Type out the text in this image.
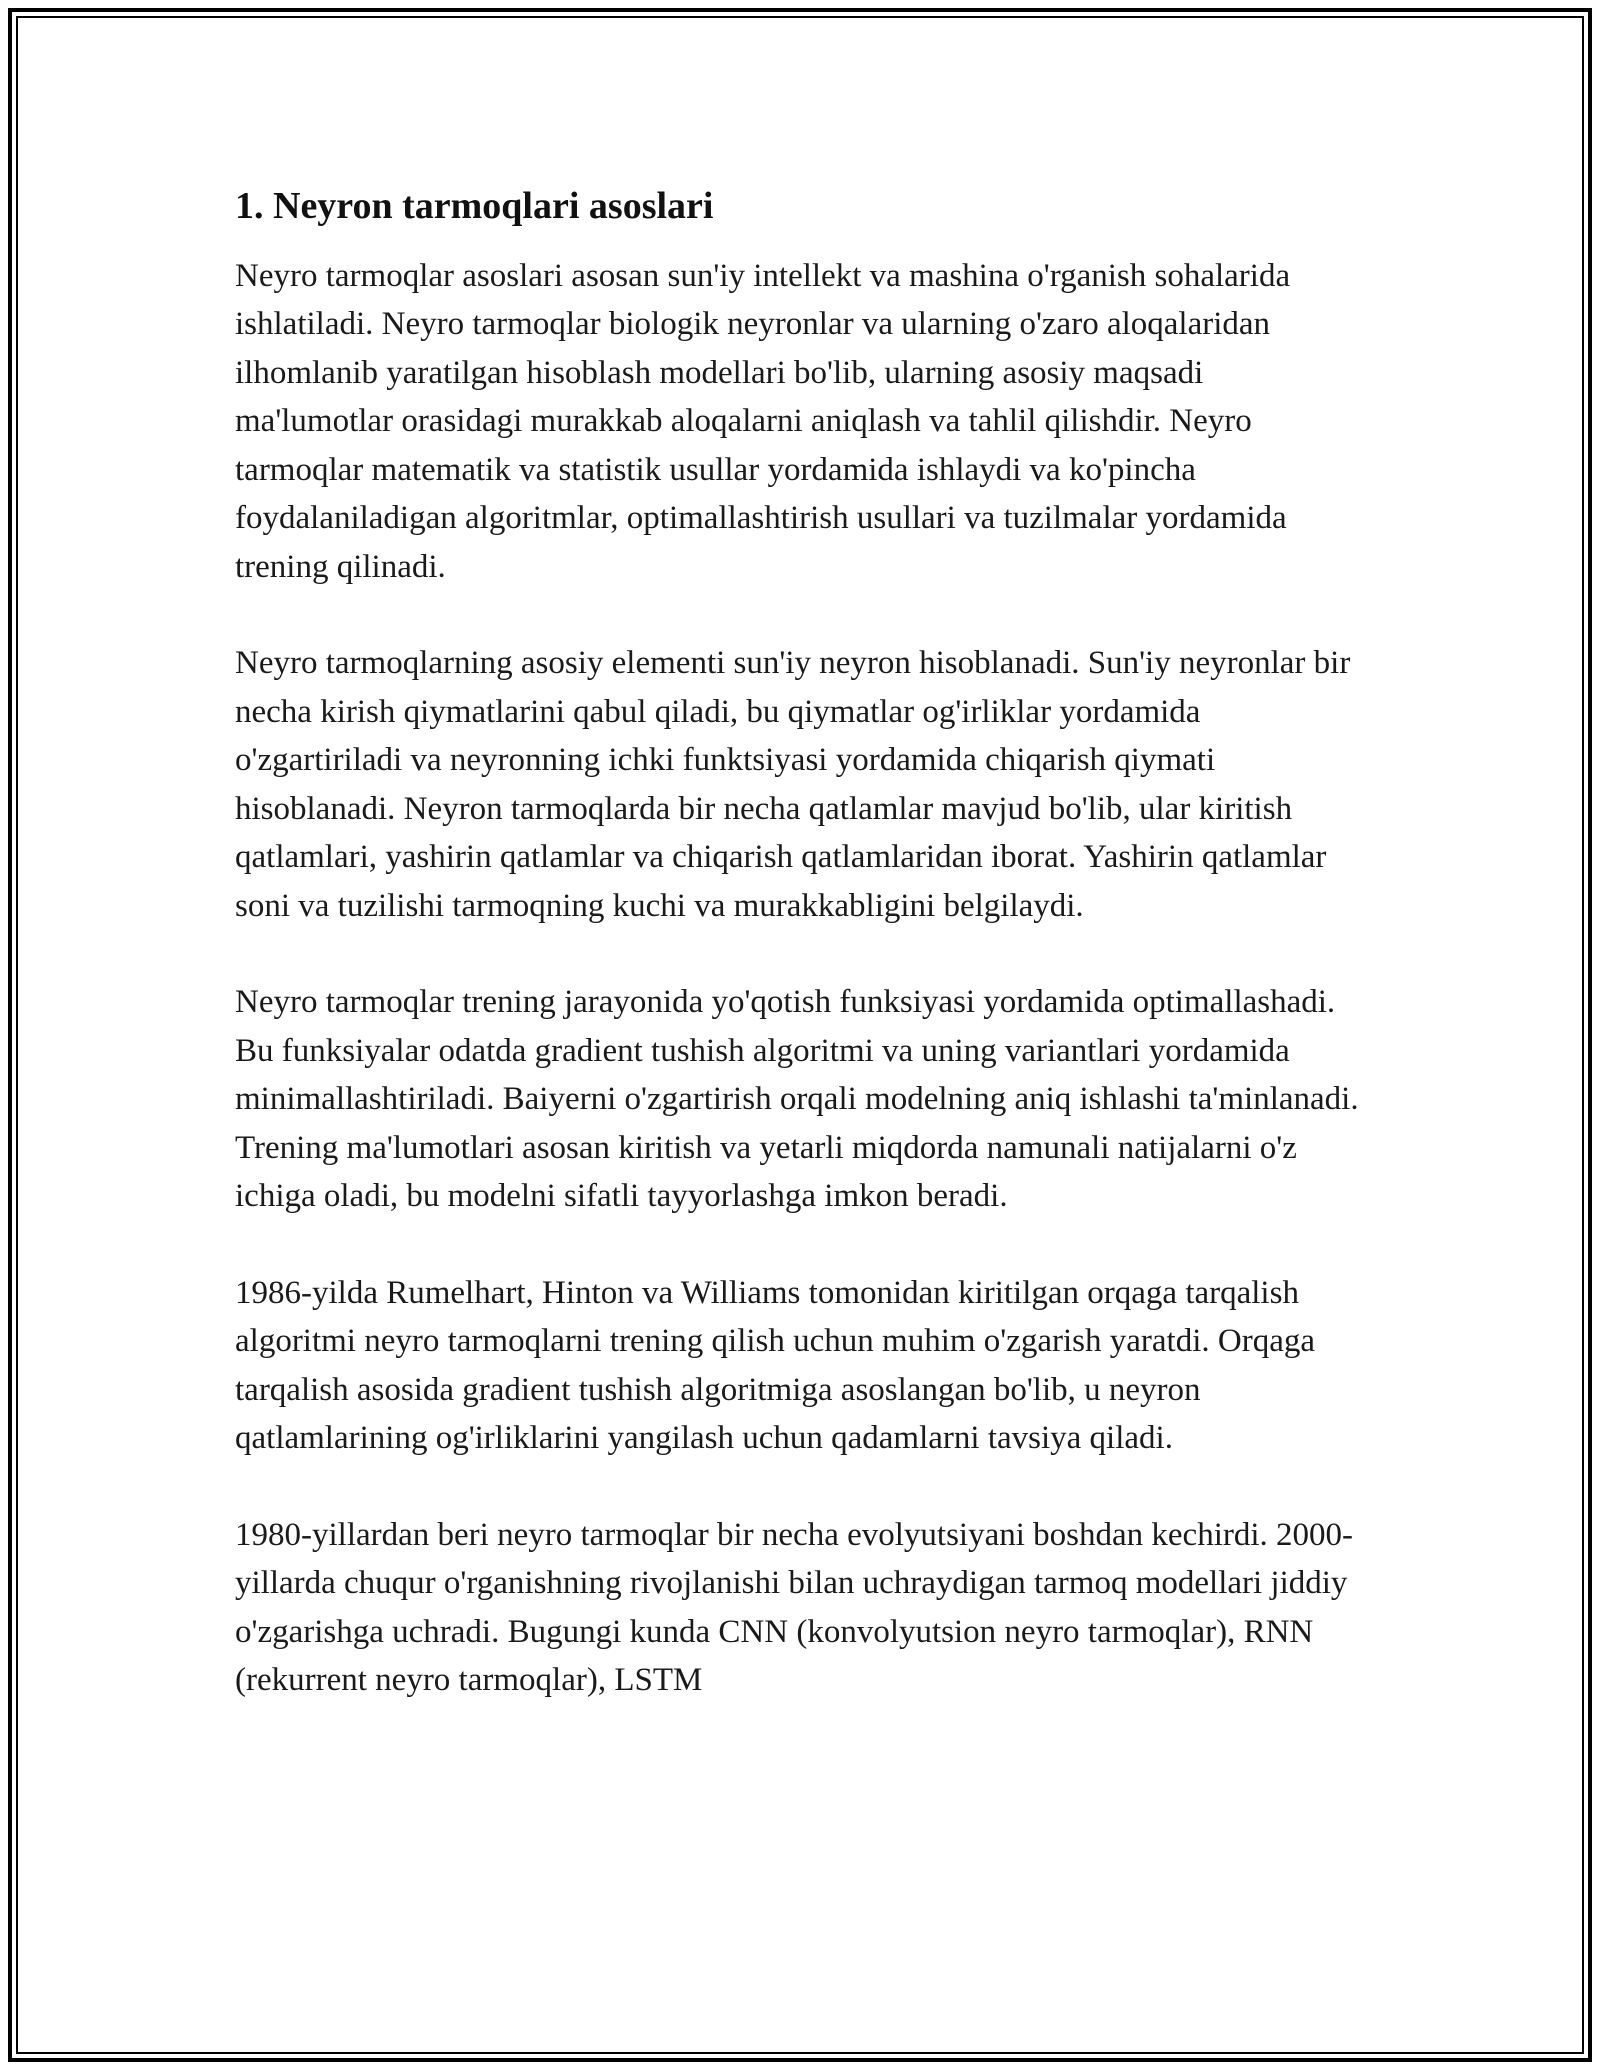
1. Neyron tarmoqlari asoslari

Neyro tarmoqlar asoslari asosan sun'iy intellekt va mashina o'rganish sohalarida ishlatiladi. Neyro tarmoqlar biologik neyronlar va ularning o'zaro aloqalaridan ilhomlanib yaratilgan hisoblash modellari bo'lib, ularning asosiy maqsadi ma'lumotlar orasidagi murakkab aloqalarni aniqlash va tahlil qilishdir. Neyro tarmoqlar matematik va statistik usullar yordamida ishlaydi va ko'pincha foydalaniladigan algoritmlar, optimallashtirish usullari va tuzilmalar yordamida trening qilinadi.

Neyro tarmoqlarning asosiy elementi sun'iy neyron hisoblanadi. Sun'iy neyronlar bir necha kirish qiymatlarini qabul qiladi, bu qiymatlar og'irliklar yordamida o'zgartiriladi va neyronning ichki funktsiyasi yordamida chiqarish qiymati hisoblanadi. Neyron tarmoqlarda bir necha qatlamlar mavjud bo'lib, ular kiritish qatlamlari, yashirin qatlamlar va chiqarish qatlamlaridan iborat. Yashirin qatlamlar soni va tuzilishi tarmoqning kuchi va murakkabligini belgilaydi.

Neyro tarmoqlar trening jarayonida yo'qotish funksiyasi yordamida optimallashadi. Bu funksiyalar odatda gradient tushish algoritmi va uning variantlari yordamida minimallashtiriladi. Baiyerni o'zgartirish orqali modelning aniq ishlashi ta'minlanadi. Trening ma'lumotlari asosan kiritish va yetarli miqdorda namunali natijalarni o'z ichiga oladi, bu modelni sifatli tayyorlashga imkon beradi.

1986-yilda Rumelhart, Hinton va Williams tomonidan kiritilgan orqaga tarqalish algoritmi neyro tarmoqlarni trening qilish uchun muhim o'zgarish yaratdi. Orqaga tarqalish asosida gradient tushish algoritmiga asoslangan bo'lib, u neyron qatlamlarining og'irliklarini yangilash uchun qadamlarni tavsiya qiladi.

1980-yillardan beri neyro tarmoqlar bir necha evolyutsiyani boshdan kechirdi. 2000-yillarda chuqur o'rganishning rivojlanishi bilan uchraydigan tarmoq modellari jiddiy o'zgarishga uchradi. Bugungi kunda CNN (konvolyutsion neyro tarmoqlar), RNN (rekurrent neyro tarmoqlar), LSTM
